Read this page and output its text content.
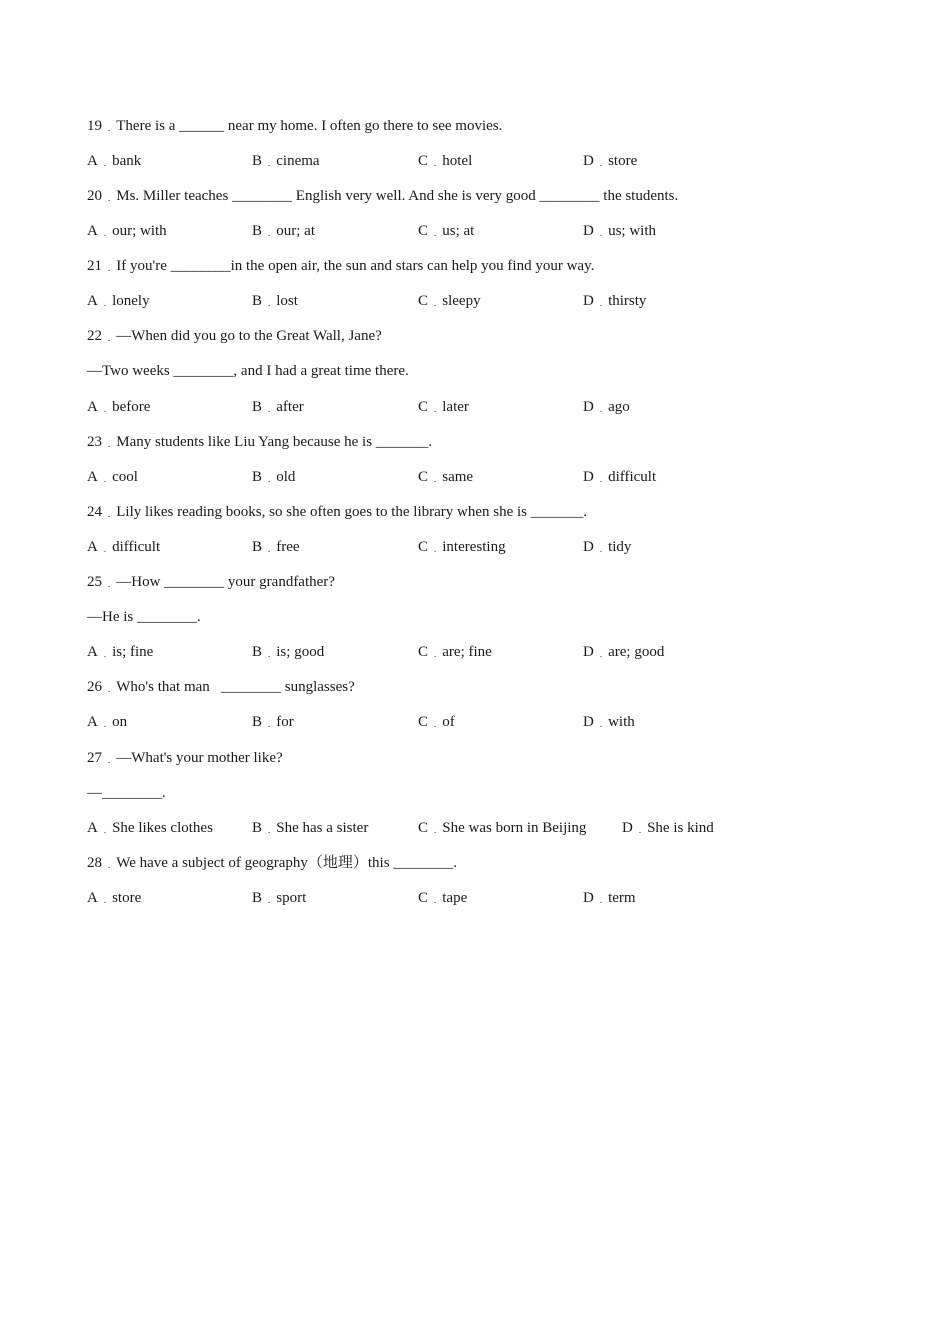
19 . There is a ______ near my home. I often go there to see movies.
A . bank	B . cinema	C . hotel	D . store
20 . Ms. Miller teaches ________ English very well. And she is very good ________ the students.
A . our; with	B . our; at	C . us; at	D . us; with
21 . If you're ________in the open air, the sun and stars can help you find your way.
A . lonely	B . lost	C . sleepy	D . thirsty
22 . —When did you go to the Great Wall, Jane?
—Two weeks ________, and I had a great time there.
A . before	B . after	C . later	D . ago
23 . Many students like Liu Yang because he is _______.
A . cool	B . old	C . same	D . difficult
24 . Lily likes reading books, so she often goes to the library when she is _______.
A . difficult	B . free	C . interesting	D . tidy
25 . —How ________ your grandfather?
—He is ________.
A . is; fine	B . is; good	C . are; fine	D . are; good
26 . Who's that man   ________ sunglasses?
A . on	B . for	C . of	D . with
27 . —What's your mother like?
—________.
A . She likes clothes	B . She has a sister	C . She was born in Beijing D . She is kind
28 . We have a subject of geography（地理）this ________.
A . store	B . sport	C . tape	D . term
